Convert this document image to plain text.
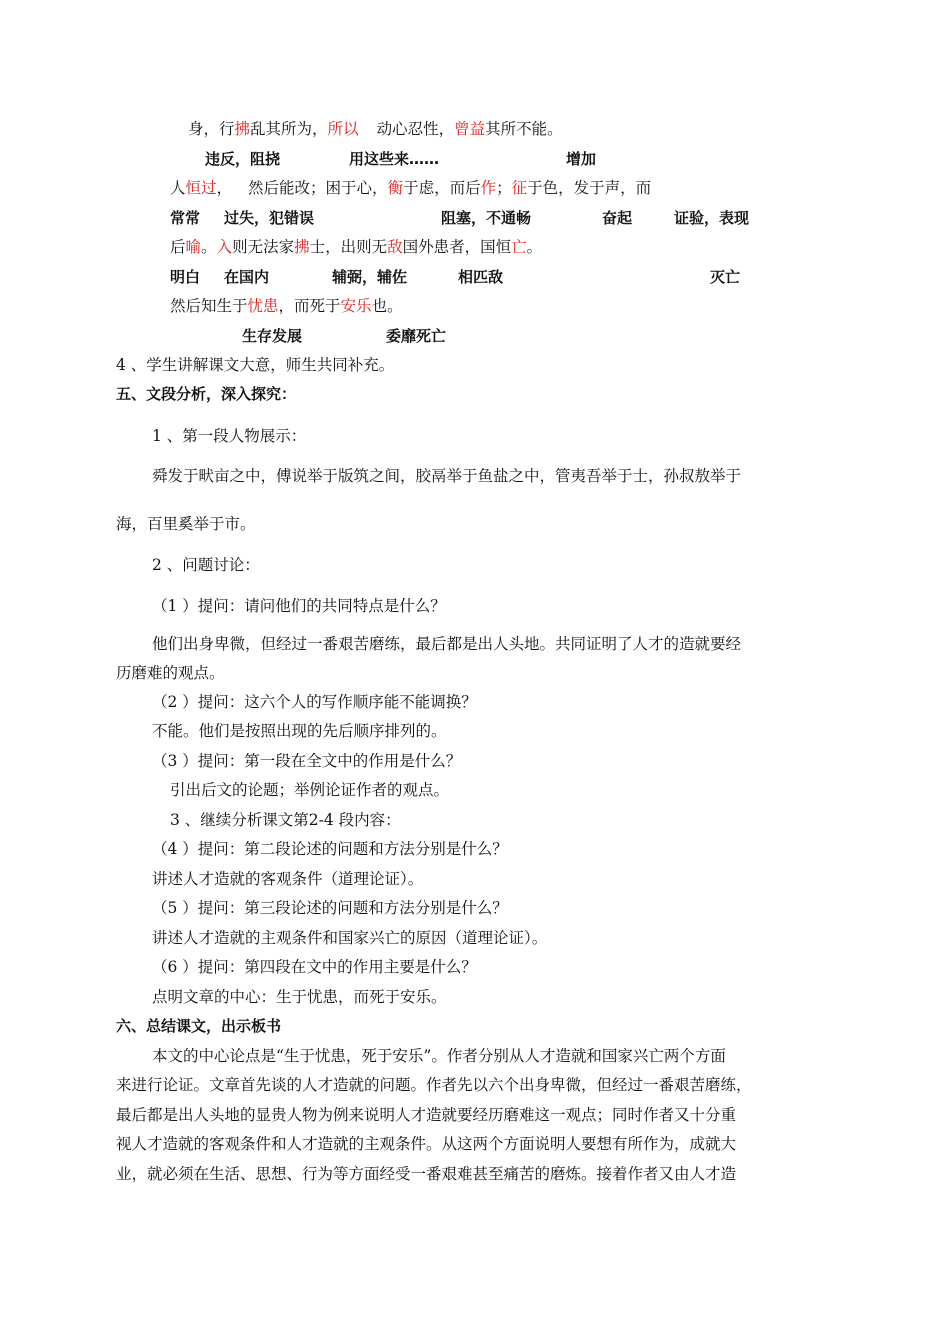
身，行拂乱其所为，所以 动心忍性，曾益其所不能。
违反，阻挠	用这些来……	增加
人恒过， 然后能改；困于心，衡于虑，而后作；征于色，发于声，而
常常 过失，犯错误	阻塞，不通畅	奋起	证验，表现
后喻。入则无法家拂士，出则无敌国外患者，国恒亡。
明白 在国内	辅弼，辅佐	相匹敌	灭亡
然后知生于忧患，而死于安乐也。
生存发展	委靡死亡
4 、学生讲解课文大意，师生共同补充。
五、文段分析，深入探究：
1 、第一段人物展示：
舜发于畎亩之中，傅说举于版筑之间，胶鬲举于鱼盐之中，管夷吾举于士，孙叔敖举于
海，百里奚举于市。
2 、问题讨论：
（1 ）提问：请问他们的共同特点是什么？
他们出身卑微，但经过一番艰苦磨练，最后都是出人头地。共同证明了人才的造就要经
历磨难的观点。
（2 ）提问：这六个人的写作顺序能不能调换？
不能。他们是按照出现的先后顺序排列的。
（3 ）提问：第一段在全文中的作用是什么？
引出后文的论题；举例论证作者的观点。
3 、继续分析课文第2-4 段内容：
（4 ）提问：第二段论述的问题和方法分别是什么？
讲述人才造就的客观条件（道理论证）。
（5 ）提问：第三段论述的问题和方法分别是什么？
讲述人才造就的主观条件和国家兴亡的原因（道理论证）。
（6 ）提问：第四段在文中的作用主要是什么？
点明文章的中心：生于忧患，而死于安乐。
六、总结课文，出示板书
本文的中心论点是“生于忧患，死于安乐”。作者分别从人才造就和国家兴亡两个方面
来进行论证。文章首先谈的人才造就的问题。作者先以六个出身卑微，但经过一番艰苦磨练，
最后都是出人头地的显贵人物为例来说明人才造就要经历磨难这一观点；同时作者又十分重
视人才造就的客观条件和人才造就的主观条件。从这两个方面说明人要想有所作为，成就大
业，就必须在生活、思想、行为等方面经受一番艰难甚至痛苦的磨炼。接着作者又由人才造
